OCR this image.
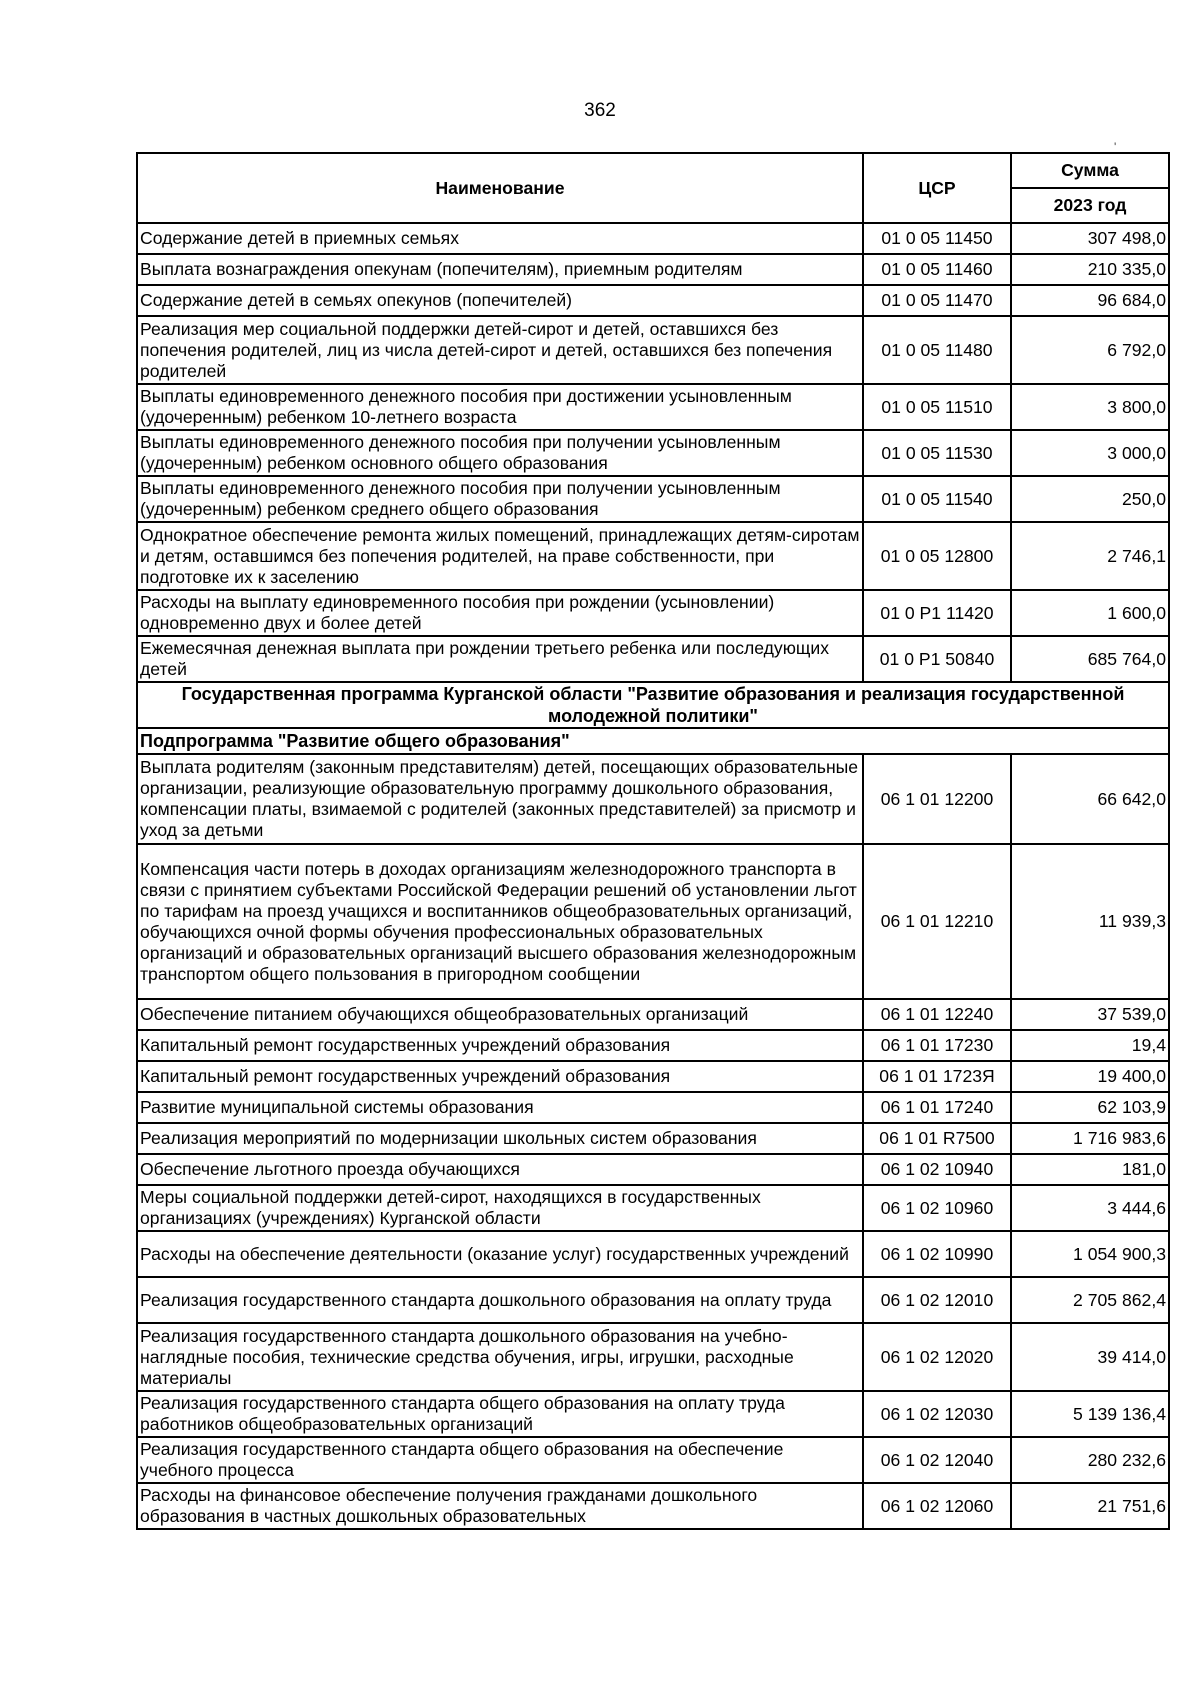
362
'
Наименование	ЦСР	Сумма
		2023 год
Содержание детей в приемных семьях	01 0 05 11450	307 498,0
Выплата вознаграждения опекунам (попечителям), приемным родителям	01 0 05 11460	210 335,0
Содержание детей в семьях опекунов (попечителей)	01 0 05 11470	96 684,0
Реализация мер социальной поддержки детей-сирот и детей, оставшихся без попечения родителей, лиц из числа детей-сирот и детей, оставшихся без попечения родителей	01 0 05 11480	6 792,0
Выплаты единовременного денежного пособия при достижении усыновленным (удочеренным) ребенком 10-летнего возраста	01 0 05 11510	3 800,0
Выплаты единовременного денежного пособия при получении усыновленным (удочеренным) ребенком основного общего образования	01 0 05 11530	3 000,0
Выплаты единовременного денежного пособия при получении усыновленным (удочеренным) ребенком среднего общего образования	01 0 05 11540	250,0
Однократное обеспечение ремонта жилых помещений, принадлежащих детям-сиротам и детям, оставшимся без попечения родителей, на праве собственности, при подготовке их к заселению	01 0 05 12800	2 746,1
Расходы на выплату единовременного пособия при рождении (усыновлении) одновременно двух и более детей	01 0 P1 11420	1 600,0
Ежемесячная денежная выплата при рождении третьего ребенка или последующих детей	01 0 P1 50840	685 764,0
Государственная программа Курганской области "Развитие образования и реализация государственной молодежной политики"		
Подпрограмма "Развитие общего образования"		
Выплата родителям (законным представителям) детей, посещающих образовательные организации, реализующие образовательную программу дошкольного образования, компенсации платы, взимаемой с родителей (законных представителей) за присмотр и уход за детьми	06 1 01 12200	66 642,0
Компенсация части потерь в доходах организациям железнодорожного транспорта в связи с принятием субъектами Российской Федерации решений об установлении льгот по тарифам на проезд учащихся и воспитанников общеобразовательных организаций, обучающихся очной формы обучения профессиональных образовательных организаций и образовательных организаций высшего образования железнодорожным транспортом общего пользования в пригородном сообщении	06 1 01 12210	11 939,3
Обеспечение питанием обучающихся общеобразовательных организаций	06 1 01 12240	37 539,0
Капитальный ремонт государственных учреждений образования	06 1 01 17230	19,4
Капитальный ремонт государственных учреждений образования	06 1 01 1723Я	19 400,0
Развитие муниципальной системы образования	06 1 01 17240	62 103,9
Реализация мероприятий по модернизации школьных систем образования	06 1 01 R7500	1 716 983,6
Обеспечение льготного проезда обучающихся	06 1 02 10940	181,0
Меры социальной поддержки детей-сирот, находящихся в государственных организациях (учреждениях) Курганской области	06 1 02 10960	3 444,6
Расходы на обеспечение деятельности (оказание услуг) государственных учреждений	06 1 02 10990	1 054 900,3
Реализация государственного стандарта дошкольного образования на оплату труда	06 1 02 12010	2 705 862,4
Реализация государственного стандарта дошкольного образования на учебно-наглядные пособия, технические средства обучения, игры, игрушки, расходные материалы	06 1 02 12020	39 414,0
Реализация государственного стандарта общего образования на оплату труда работников общеобразовательных организаций	06 1 02 12030	5 139 136,4
Реализация государственного стандарта общего образования на обеспечение учебного процесса	06 1 02 12040	280 232,6
Расходы на финансовое обеспечение получения гражданами дошкольного образования в частных дошкольных образовательных	06 1 02 12060	21 751,6
